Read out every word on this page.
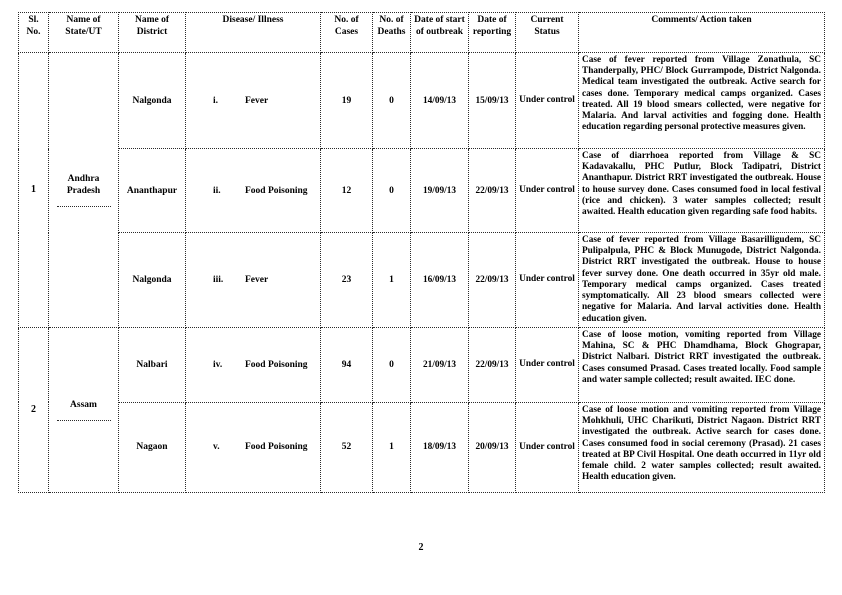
Sl. No.	Name of State/UT	Name of District	Disease/ Illness	No. of Cases	No. of Deaths	Date of start of outbreak	Date of reporting	Current Status	Comments/ Action taken
1	Andhra Pradesh	Nalgonda	i. Fever	19	0	14/09/13	15/09/13	Under control	Case of fever reported from Village Zonathula, SC Thanderpally, PHC/ Block Gurrampode, District Nalgonda. Medical team investigated the outbreak. Active search for cases done. Temporary medical camps organized. Cases treated. All 19 blood smears collected, were negative for Malaria. And larval activities and fogging done. Health education regarding personal protective measures given.
		Ananthapur	ii. Food Poisoning	12	0	19/09/13	22/09/13	Under control	Case of diarrhoea reported from Village & SC Kadavakallu, PHC Putlur, Block Tadipatri, District Ananthapur. District RRT investigated the outbreak. House to house survey done. Cases consumed food in local festival (rice and chicken). 3 water samples collected; result awaited. Health education given regarding safe food habits.
		Nalgonda	iii. Fever	23	1	16/09/13	22/09/13	Under control	Case of fever reported from Village Basarilligudem, SC Pulipalpula, PHC & Block Munugode, District Nalgonda. District RRT investigated the outbreak. House to house fever survey done. One death occurred in 35yr old male. Temporary medical camps organized. Cases treated symptomatically. All 23 blood smears collected were negative for Malaria. And larval activities done. Health education given.
2	Assam	Nalbari	iv. Food Poisoning	94	0	21/09/13	22/09/13	Under control	Case of loose motion, vomiting reported from Village Mahina, SC & PHC Dhamdhama, Block Ghograpar, District Nalbari. District RRT investigated the outbreak. Cases consumed Prasad. Cases treated locally. Food sample and water sample collected; result awaited. IEC done.
		Nagaon	v. Food Poisoning	52	1	18/09/13	20/09/13	Under control	Case of loose motion and vomiting reported from Village Mohkhuli, UHC Charikuti, District Nagaon. District RRT investigated the outbreak. Active search for cases done. Cases consumed food in social ceremony (Prasad). 21 cases treated at BP Civil Hospital. One death occurred in 11yr old female child. 2 water samples collected; result awaited. Health education given.
2
